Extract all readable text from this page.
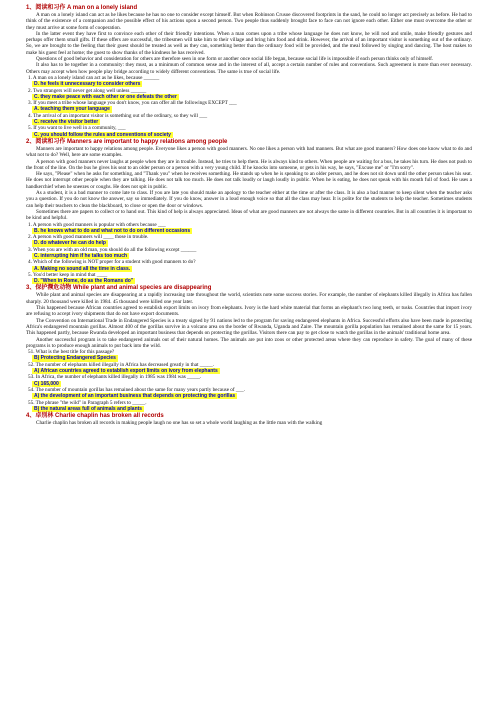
1、阅读和习作 A man on a lonely island

A man on a lonely island can act as he likes because he has no one to consider except himself. But when Robinson Crusoe discovered footprints in the sand, he could no longer act precisely as before. He had to think of the existence of a companion and the possible effect of his actions upon a second person. Two people thus suddenly brought face to face can not ignore each other. Either one must overcome the other or they must arrive at some form of cooperation.

In the latter event they have first to convince each other of their friendly intentions. When a man comes upon a tribe whose language he does not know, he will nod and smile, make friendly gestures and perhaps offer them small gifts. If these offers are successful, the tribesmen will take him to their village and bring him food and drink. However, the arrival of an important visitor is something out of the ordinary. So, we are brought to the feeling that their guest should be treated as well as they can, something better than the ordinary food will be provided, and the meal followed by singing and dancing. The host makes to make his guest feel at home; the guest to show thanks of the kindness he has received.

Questions of good behavior and consideration for others are therefore seen in one form or another once social life began, because social life is impossible if each person thinks only of himself.

It also has to be together in a community: they must, as a minimum of common sense and in the interest of all, accept a certain number of rules and conventions. Such agreement is more than ever necessary. Others may accept when how people play bridge according to widely different conventions. The same is true of social life.

1. A man on a lonely island can act as he likes, because ______

D. he feels it unnecessary to consider others

2. Two strangers will never get along well unless ______

C. they make peace with each other or one defeats the other

3. If you meet a tribe whose language you don't know, you can offer all the followings EXCEPT ___

A. teaching them your language

4. The arrival of an important visitor is something out of the ordinary, so they will ___

C. receive the visitor better

5. If you want to live well in a community, ___

C. you should follow the rules and conventions of society
2、阅读和习作 Manners are important to happy relations among people

Manners are important to happy relations among people. Everyone likes a person with good manners. No one likes a person with bad manners. But what are good manners? How does one know what to do and what not to do? Well, here are some examples.

A person with good manners never laughs at people when they are in trouble. Instead, he tries to help them. He is always kind to others. When people are waiting for a bus, he takes his turn. He does not push to the front of the line. On the bus he gives his seat to an older person or a person with a very young child. If he knocks into someone, or gets in his way, he says, "Excuse me" or "I'm sorry".

He says, "Please" when he asks for something, and "Thank you" when he receives something. He stands up when he is speaking to an older person, and he does not sit down until the other person takes his seat. He does not interrupt other people when they are talking. He does not talk too much. He does not talk loudly or laugh loudly in public. When he is eating, he does not speak with his mouth full of food. He uses a handkerchief when he sneezes or coughs. He does not spit in public.

As a student, it is a bad manner to come late to class. If you are late you should make an apology to the teacher either at the time or after the class. It is also a bad manner to keep silent when the teacher asks you a question. If you do not know the answer, say so immediately. If you do know, answer in a loud enough voice so that all the class may hear. It is polite for the students to help the teacher. Sometimes students can help their teachers to clean the blackboard, to close or open the door or windows.

Sometimes there are papers to collect or to hand out. This kind of help is always appreciated. Ideas of what are good manners are not always the same in different countries. But in all countries it is important to be kind and helpful.

1. A person with good manners is popular with others because ___

B. he knows what to do and what not to do on different occasions

2. A person with good manners will ____ those in trouble.

D. do whatever he can do help

3. When you are with an old man, you should do all the following except ______

C. interrupting him if he talks too much

4. Which of the following is NOT proper for a student with good manners to do?

A. Making no sound all the time in class.

5. You'd better keep in mind that ____

D. "When in Rome, do as the Romans do"
3、保护濒危动物 While plant and animal species are disappearing

While plant and animal species are disappearing at a rapidly increasing rate throughout the world, scientists note some success stories. For example, the number of elephants killed illegally in Africa has fallen sharply. 20 thousand were killed in 1984. 45 thousand were killed one year later.

This happened because African countries agreed to establish export limits on ivory from elephants. Ivory is the hard white material that forms an elephant's two long teeth, or tusks. Countries that import ivory are refusing to accept ivory shipments that do not have export documents.

The Convention on International Trade in Endangered Species is a treaty signed by 91 nations led to the program for saving endangered elephants in Africa. Successful efforts also have been made in protecting Africa's endangered mountain gorillas. Almost 400 of the gorillas survive in a volcano area on the border of Rwanda, Uganda and Zaire. The mountain gorilla population has remained about the same for 15 years. This happened partly, because Rwanda developed an important business that depends on protecting the gorillas. Visitors there can pay to get close to watch the gorillas in the animals' traditional home area.

Another successful program is to take endangered animals out of their natural homes. The animals are put into zoos or other protected areas where they can reproduce in safety. The goal of many of these programs is to produce enough animals to put back into the wild.

51. What is the best title for this passage?

B) Protecting Endangered Species

52. The number of elephants killed illegally in Africa has decreased greatly in that _____.

A) African countries agreed to establish export limits on ivory from elephants

53. In Africa, the number of elephants killed illegally in 1985 was 1984 was _____.

C) 165,000

54. The number of mountain gorillas has remained about the same for many years partly because of ___.

A) the development of an important business that depends on protecting the gorillas

55. The phrase "the wild" in Paragraph 5 refers to _____.

B) the natural areas full of animals and plants
4、卓别林 Charlie chaplin has broken all records

Charlie chaplin has broken all records in making people laugh no one has so set a whole world laughing as the little man with the walking
